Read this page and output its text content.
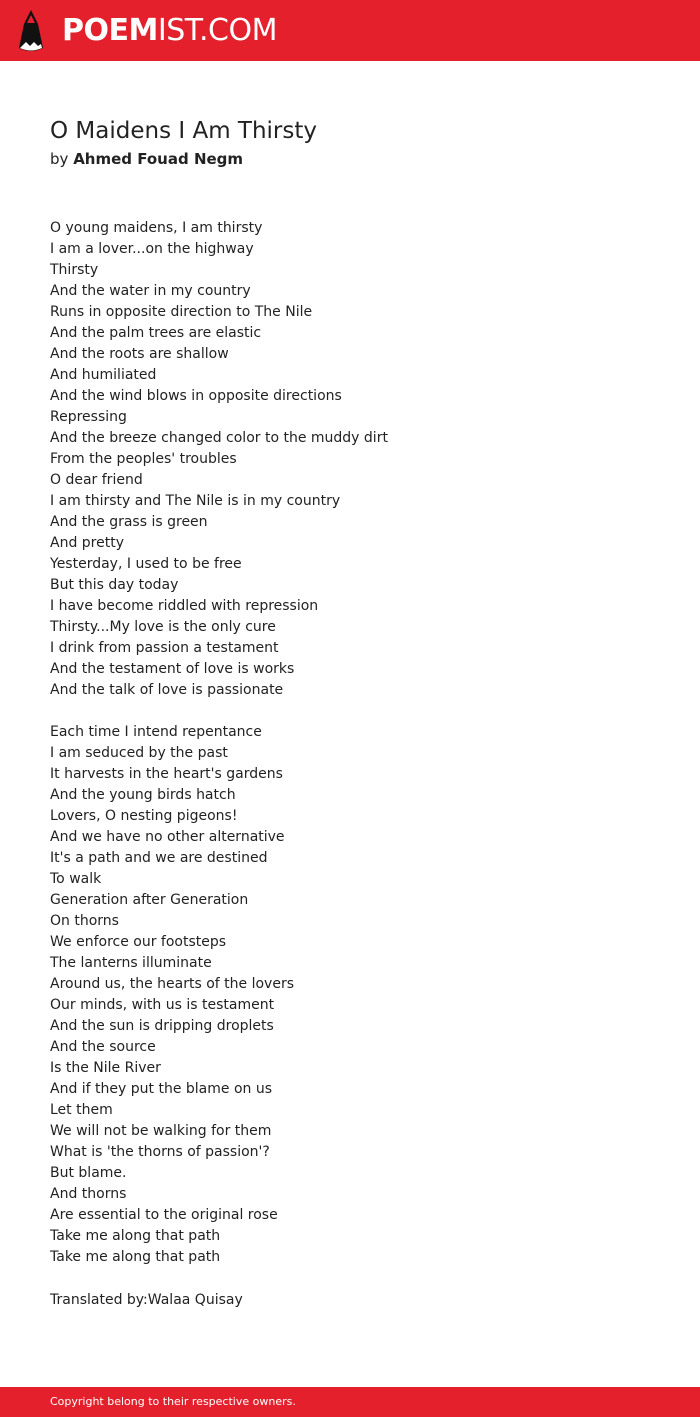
POEMIST.COM
O Maidens I Am Thirsty
by Ahmed Fouad Negm
O young maidens, I am thirsty
I am a lover...on the highway
Thirsty
And the water in my country
Runs in opposite direction to The Nile
And the palm trees are elastic
And the roots are shallow
And humiliated
And the wind blows in opposite directions
Repressing
And the breeze changed color to the muddy dirt
From the peoples' troubles
O dear friend
I am thirsty and The Nile is in my country
And the grass is green
And pretty
Yesterday, I used to be free
But this day today
I have become riddled with repression
Thirsty...My love is the only cure
I drink from passion a testament
And the testament of love is works
And the talk of love is passionate
Each time I intend repentance
I am seduced by the past
It harvests in the heart's gardens
And the young birds hatch
Lovers, O nesting pigeons!
And we have no other alternative
It's a path and we are destined
To walk
Generation after Generation
On thorns
We enforce our footsteps
The lanterns illuminate
Around us, the hearts of the lovers
Our minds, with us is testament
And the sun is dripping droplets
And the source
Is the Nile River
And if they put the blame on us
Let them
We will not be walking for them
What is 'the thorns of passion'?
But blame.
And thorns
Are essential to the original rose
Take me along that path
Take me along that path
Translated by:Walaa Quisay
Copyright belong to their respective owners.
